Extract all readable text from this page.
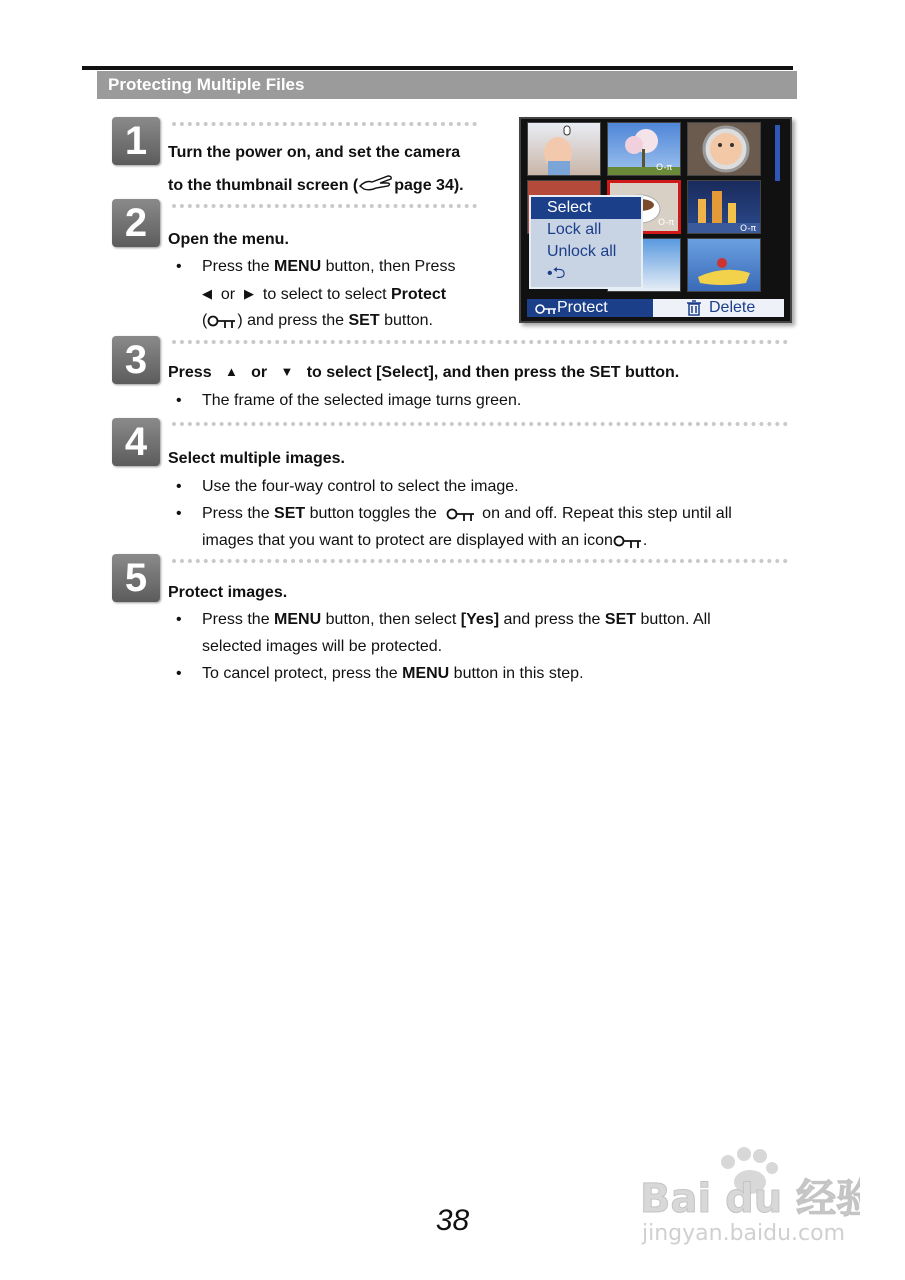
Protecting Multiple Files
1	Turn the power on, and set the camera
to the thumbnail screen ( page 34).
2	Open the menu.
• Press the MENU button, then Press
◀ or ▶ to select to select Protect
( ) and press the SET button.
O-π
O-π
O-π
Select
Lock all
Unlock all
•⮌
Protect	Delete
3	Press ▲ or ▼ to select [Select], and then press the SET button.
• The frame of the selected image turns green.
4	Select multiple images.
• Use the four-way control to select the image.
• Press the SET button toggles the
on and off. Repeat this step until all
images that you want to protect are displayed with an icon .
5	Protect images.
• Press the MENU button, then select [Yes] and press the SET button. All
selected images will be protected.
• To cancel protect, press the MENU button in this step.
38	Bai du 经验
jingyan.baidu.com
